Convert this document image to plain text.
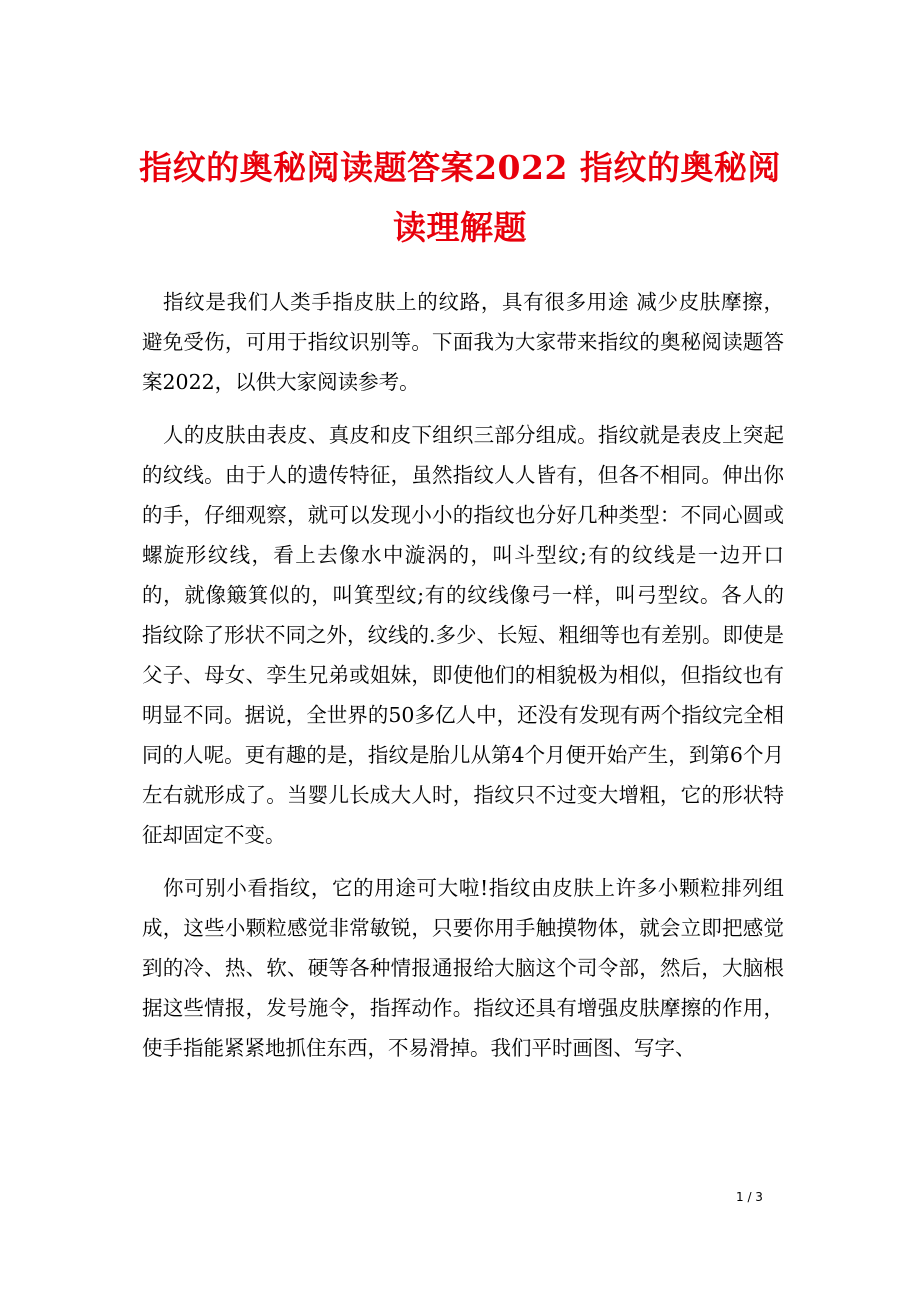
指纹的奥秘阅读题答案2022 指纹的奥秘阅读理解题

指纹是我们人类手指皮肤上的纹路，具有很多用途 减少皮肤摩擦，避免受伤，可用于指纹识别等。下面我为大家带来指纹的奥秘阅读题答案2022，以供大家阅读参考。

人的皮肤由表皮、真皮和皮下组织三部分组成。指纹就是表皮上突起的纹线。由于人的遗传特征，虽然指纹人人皆有，但各不相同。伸出你的手，仔细观察，就可以发现小小的指纹也分好几种类型：不同心圆或螺旋形纹线，看上去像水中漩涡的，叫斗型纹;有的纹线是一边开口的，就像簸箕似的，叫箕型纹;有的纹线像弓一样，叫弓型纹。各人的指纹除了形状不同之外，纹线的.多少、长短、粗细等也有差别。即使是父子、母女、孪生兄弟或姐妹，即使他们的相貌极为相似，但指纹也有明显不同。据说，全世界的50多亿人中，还没有发现有两个指纹完全相同的人呢。更有趣的是，指纹是胎儿从第4个月便开始产生，到第6个月左右就形成了。当婴儿长成大人时，指纹只不过变大增粗，它的形状特征却固定不变。

你可别小看指纹，它的用途可大啦!指纹由皮肤上许多小颗粒排列组成，这些小颗粒感觉非常敏锐，只要你用手触摸物体，就会立即把感觉到的冷、热、软、硬等各种情报通报给大脑这个司令部，然后，大脑根据这些情报，发号施令，指挥动作。指纹还具有增强皮肤摩擦的作用，使手指能紧紧地抓住东西，不易滑掉。我们平时画图、写字、

1 / 3
